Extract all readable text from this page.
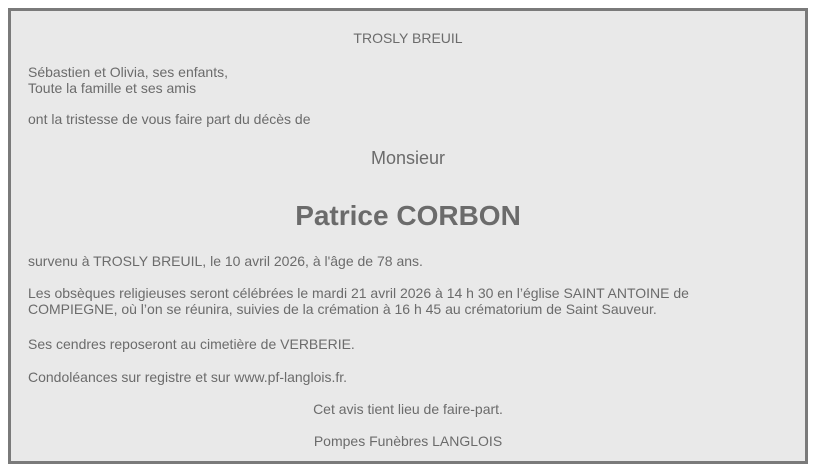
TROSLY BREUIL
Sébastien et Olivia, ses enfants,
Toute la famille et ses amis
ont la tristesse de vous faire part du décès de
Monsieur
Patrice CORBON
survenu à TROSLY BREUIL, le 10 avril 2026, à l'âge de 78 ans.
Les obsèques religieuses seront célébrées le mardi 21 avril 2026 à 14 h 30 en l’église SAINT ANTOINE de
COMPIEGNE, où l’on se réunira, suivies de la crémation à 16 h 45 au crématorium de Saint Sauveur.
Ses cendres reposeront au cimetière de VERBERIE.
Condoléances sur registre et sur www.pf-langlois.fr.
Cet avis tient lieu de faire-part.
Pompes Funèbres LANGLOIS
